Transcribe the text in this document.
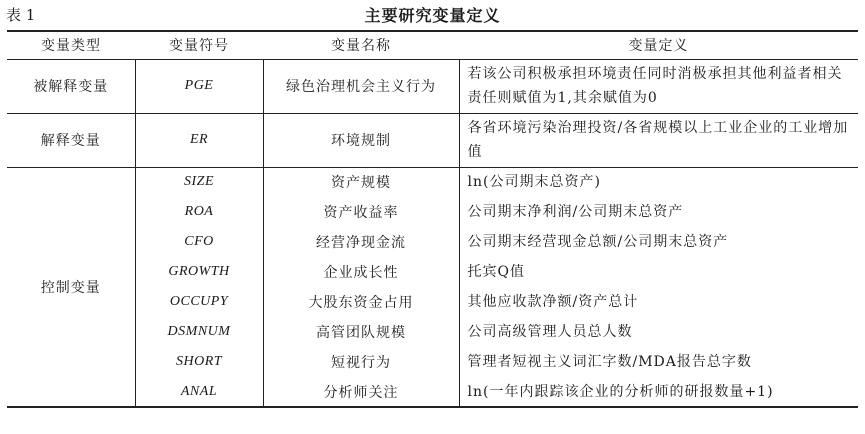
表 1	主要研究变量定义
变量类型	变量符号	变量名称	变量定义
被解释变量	PGE	绿色治理机会主义行为	若该公司积极承担环境责任同时消极承担其他利益者相关责任则赋值为1,其余赋值为0
解释变量	ER	环境规制	各省环境污染治理投资/各省规模以上工业企业的工业增加值
控制变量	SIZE	资产规模	ln(公司期末总资产)
	ROA	资产收益率	公司期末净利润/公司期末总资产
	CFO	经营净现金流	公司期末经营现金总额/公司期末总资产
	GROWTH	企业成长性	托宾Q值
	OCCUPY	大股东资金占用	其他应收款净额/资产总计
	DSMNUM	高管团队规模	公司高级管理人员总人数
	SHORT	短视行为	管理者短视主义词汇字数/MDA报告总字数
	ANAL	分析师关注	ln(一年内跟踪该企业的分析师的研报数量+1)
